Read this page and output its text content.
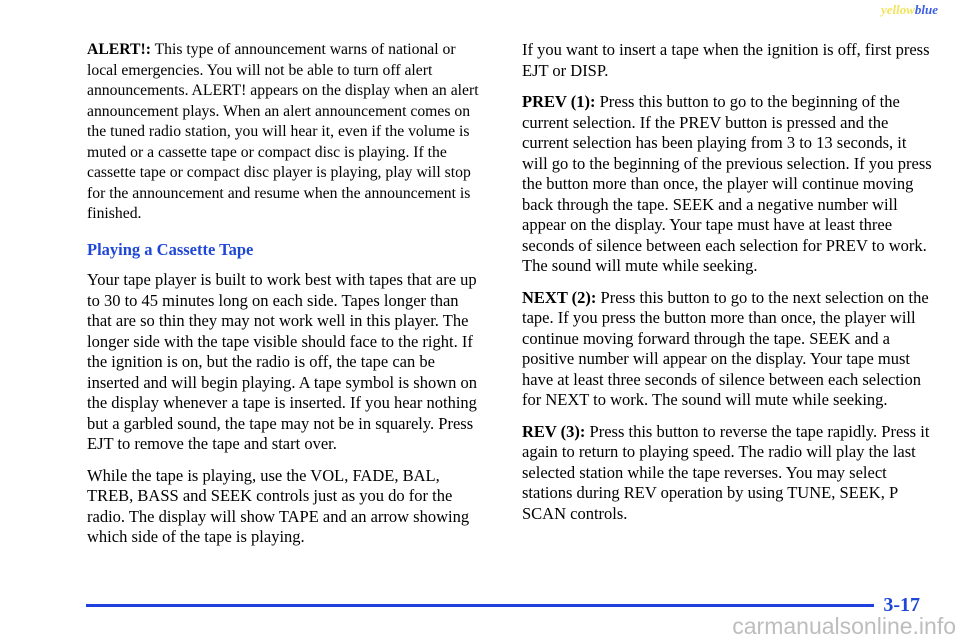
yellowblue

ALERT!: This type of announcement warns of national or local emergencies. You will not be able to turn off alert announcements. ALERT! appears on the display when an alert announcement plays. When an alert announcement comes on the tuned radio station, you will hear it, even if the volume is muted or a cassette tape or compact disc is playing. If the cassette tape or compact disc player is playing, play will stop for the announcement and resume when the announcement is finished.

Playing a Cassette Tape

Your tape player is built to work best with tapes that are up to 30 to 45 minutes long on each side. Tapes longer than that are so thin they may not work well in this player. The longer side with the tape visible should face to the right. If the ignition is on, but the radio is off, the tape can be inserted and will begin playing. A tape symbol is shown on the display whenever a tape is inserted. If you hear nothing but a garbled sound, the tape may not be in squarely. Press EJT to remove the tape and start over.

While the tape is playing, use the VOL, FADE, BAL, TREB, BASS and SEEK controls just as you do for the radio. The display will show TAPE and an arrow showing which side of the tape is playing.

If you want to insert a tape when the ignition is off, first press EJT or DISP.

PREV (1): Press this button to go to the beginning of the current selection. If the PREV button is pressed and the current selection has been playing from 3 to 13 seconds, it will go to the beginning of the previous selection. If you press the button more than once, the player will continue moving back through the tape. SEEK and a negative number will appear on the display. Your tape must have at least three seconds of silence between each selection for PREV to work. The sound will mute while seeking.

NEXT (2): Press this button to go to the next selection on the tape. If you press the button more than once, the player will continue moving forward through the tape. SEEK and a positive number will appear on the display. Your tape must have at least three seconds of silence between each selection for NEXT to work. The sound will mute while seeking.

REV (3): Press this button to reverse the tape rapidly. Press it again to return to playing speed. The radio will play the last selected station while the tape reverses. You may select stations during REV operation by using TUNE, SEEK, P SCAN controls.

3-17
carmanualsonline.info
